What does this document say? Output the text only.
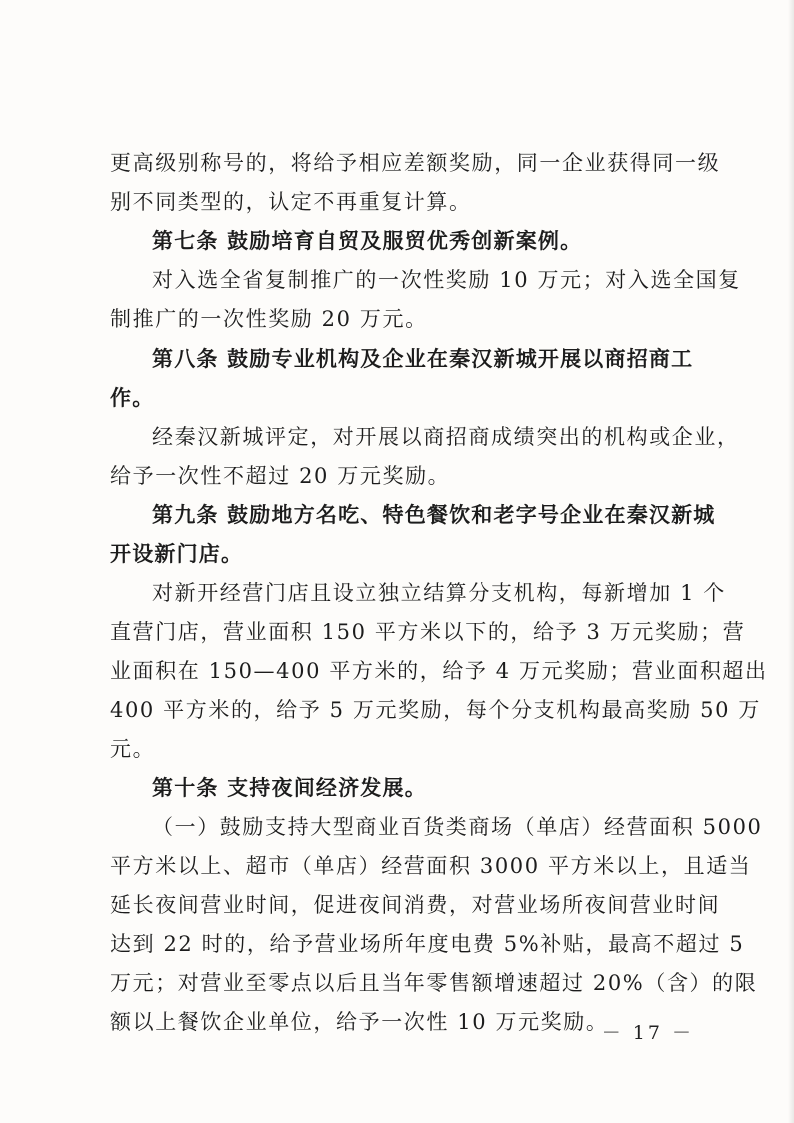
更高级别称号的，将给予相应差额奖励，同一企业获得同一级
别不同类型的，认定不再重复计算。
第七条 鼓励培育自贸及服贸优秀创新案例。
对入选全省复制推广的一次性奖励 10 万元；对入选全国复
制推广的一次性奖励 20 万元。
第八条 鼓励专业机构及企业在秦汉新城开展以商招商工
作。
经秦汉新城评定，对开展以商招商成绩突出的机构或企业，
给予一次性不超过 20 万元奖励。
第九条 鼓励地方名吃、特色餐饮和老字号企业在秦汉新城
开设新门店。
对新开经营门店且设立独立结算分支机构，每新增加 1 个
直营门店，营业面积 150 平方米以下的，给予 3 万元奖励；营
业面积在 150—400 平方米的，给予 4 万元奖励；营业面积超出
400 平方米的，给予 5 万元奖励，每个分支机构最高奖励 50 万
元。
第十条 支持夜间经济发展。
（一）鼓励支持大型商业百货类商场（单店）经营面积 5000
平方米以上、超市（单店）经营面积 3000 平方米以上，且适当
延长夜间营业时间，促进夜间消费，对营业场所夜间营业时间
达到 22 时的，给予营业场所年度电费 5%补贴，最高不超过 5
万元；对营业至零点以后且当年零售额增速超过 20%（含）的限
额以上餐饮企业单位，给予一次性 10 万元奖励。
－ 17 －
